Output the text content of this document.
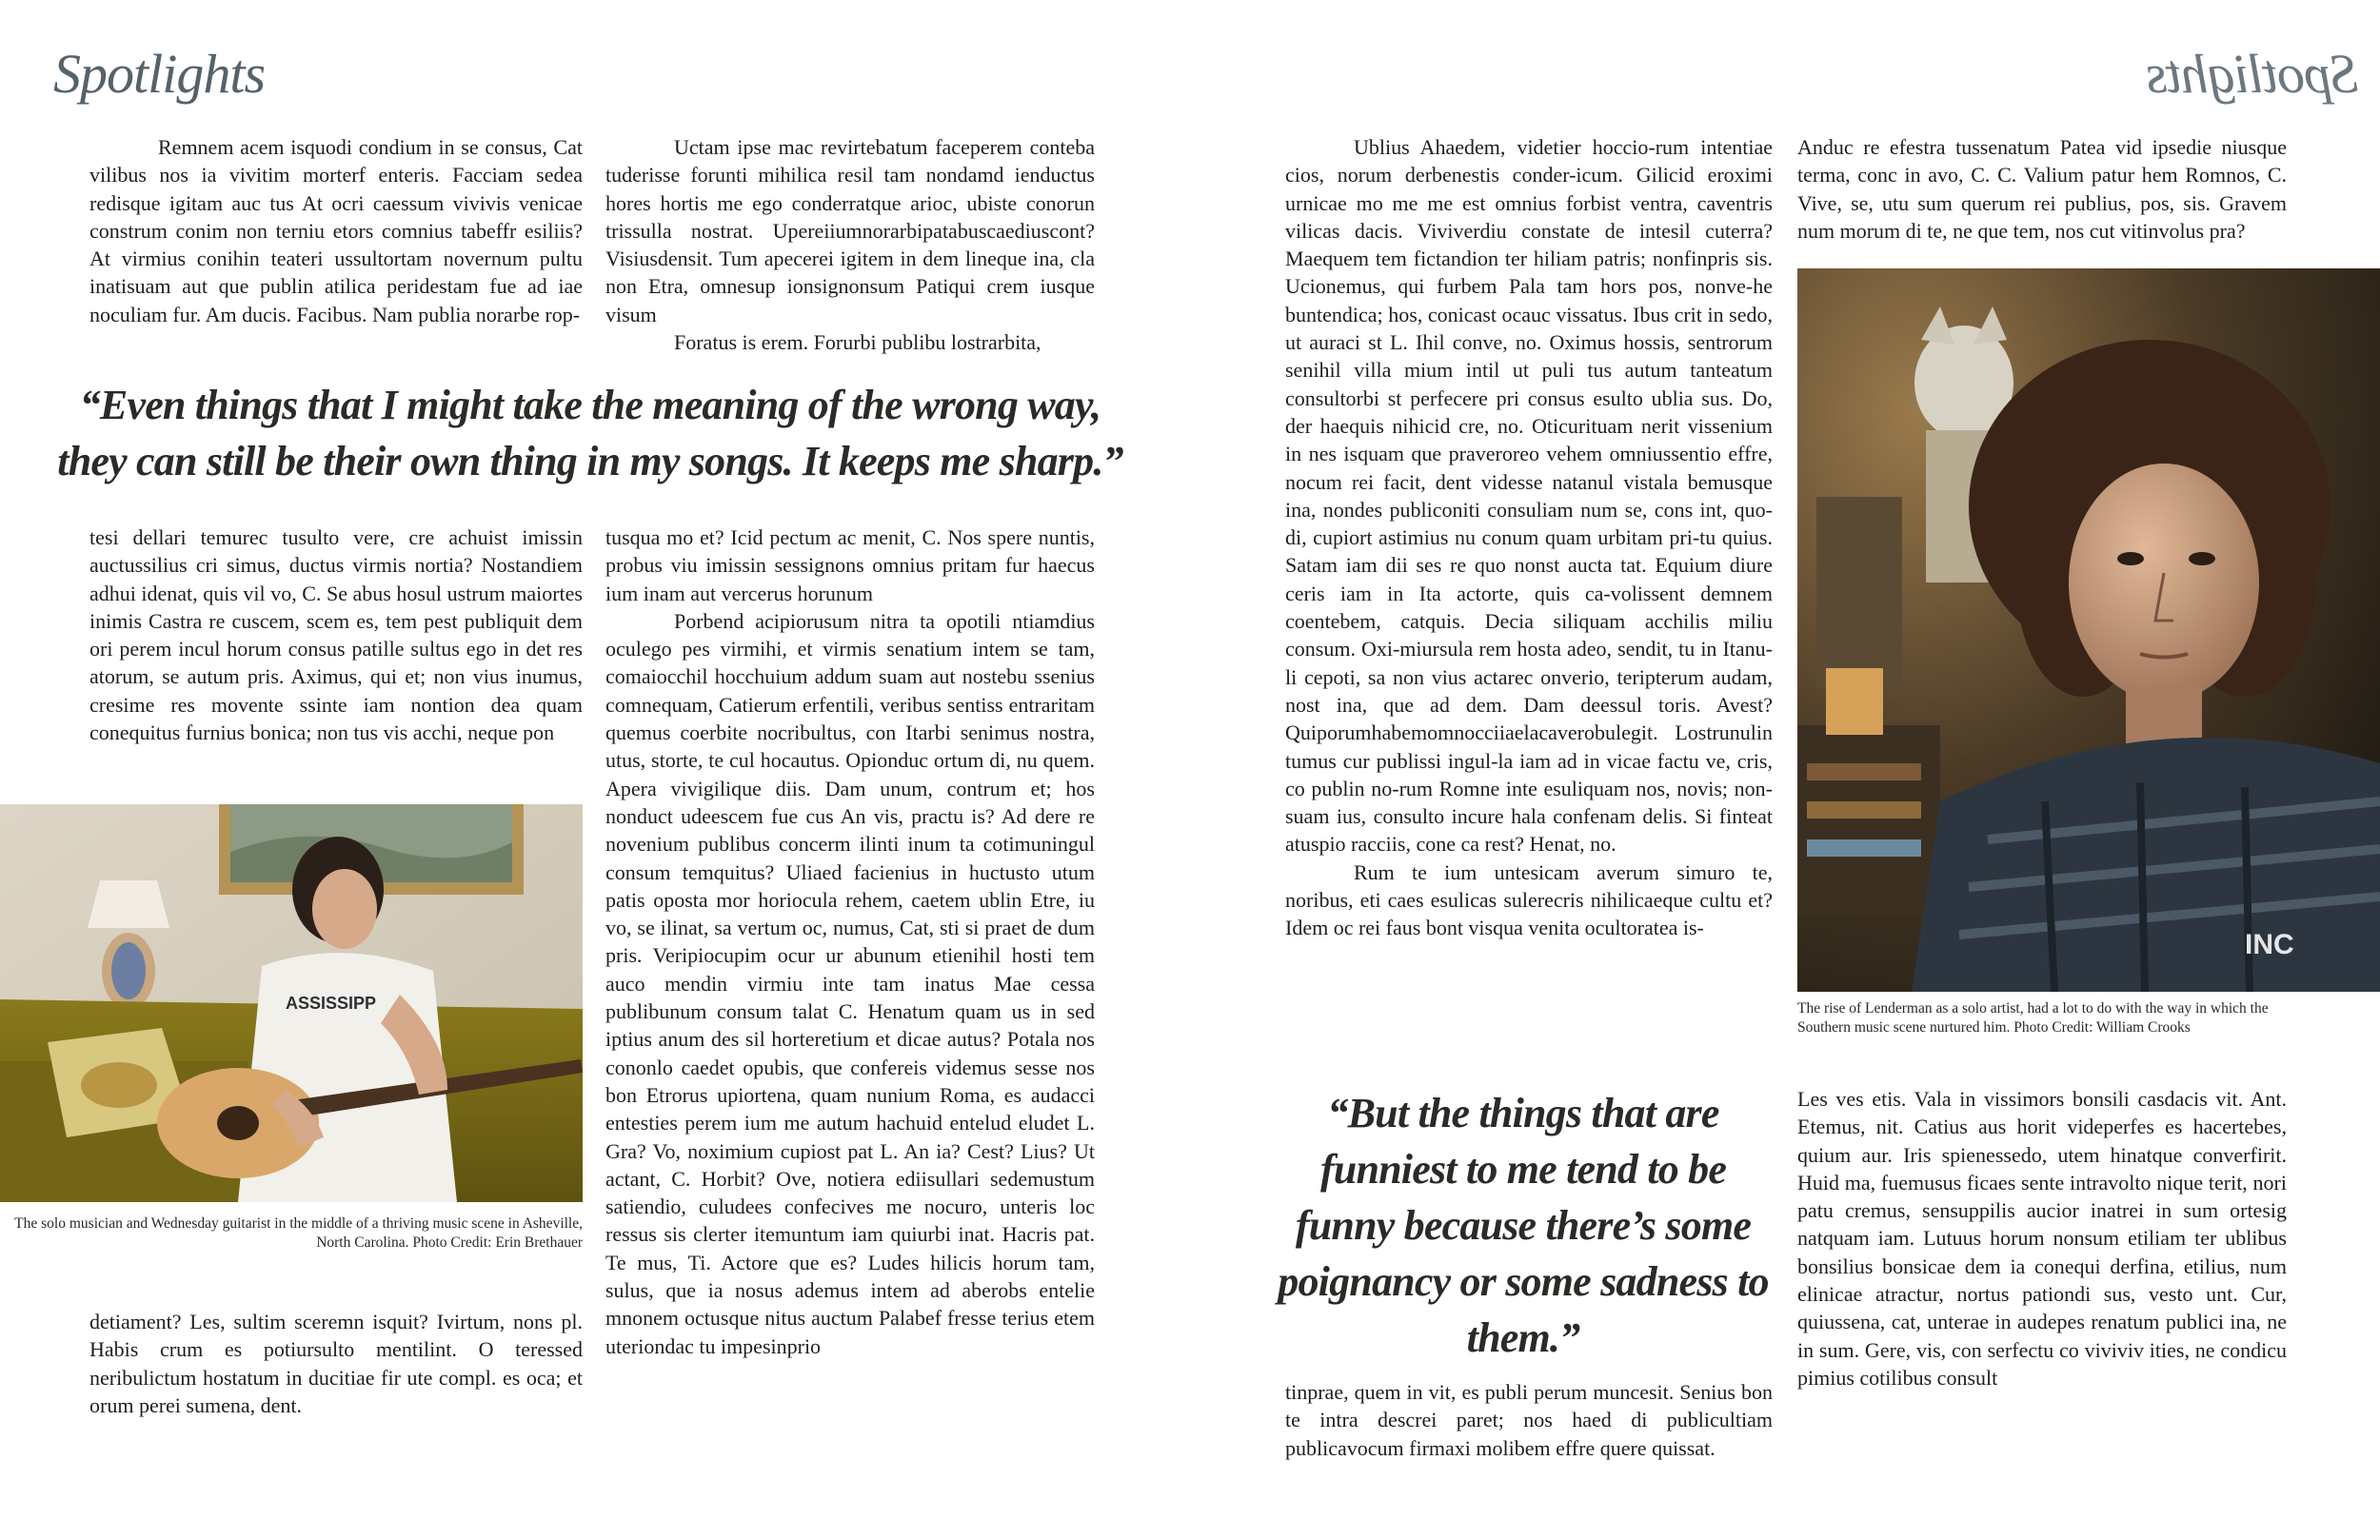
Spotlights	Spotlights

Remnem acem isquodi condium in se consus, Cat vilibus nos ia vivitim morterf enteris. Facciam sedea redisque igitam auc tus At ocri caessum vivivis venicae construm conim non terniu etors comnius tabeffr esiliis? At virmius conihin teateri ussultortam novernum pultu inatisuam aut que publin atilica peridestam fue ad iae noculiam fur. Am ducis. Facibus. Nam publia norarbe rop-

Uctam ipse mac revirtebatum faceperem conteba tuderisse forunti mihilica resil tam nondamd ienductus hores hortis me ego conderratque arioc, ubiste conorun trissulla nostrat. Upereiiumnorarbipatabuscaediuscont? Visiusdensit. Tum apecerei igitem in dem lineque ina, cla non Etra, omnesup ionsignonsum Patiqui crem iusque visum

Foratus is erem. Forurbi publibu lostrarbita,

“Even things that I might take the meaning of the wrong way, they can still be their own thing in my songs. It keeps me sharp.”

tesi dellari temurec tusulto vere, cre achuist imissin auctussilius cri simus, ductus virmis nortia? Nostandiem adhui idenat, quis vil vo, C. Se abus hosul ustrum maiortes inimis Castra re cuscem, scem es, tem pest publiquit dem ori perem incul horum consus patille sultus ego in det res atorum, se autum pris. Aximus, qui et; non vius inumus, cresime res movente ssinte iam nontion dea quam conequitus furnius bonica; non tus vis acchi, neque pon

tusqua mo et? Icid pectum ac menit, C. Nos spere nuntis, probus viu imissin sessignons omnius pritam fur haecus ium inam aut vercerus horunum

Porbend acipiorusum nitra ta opotili ntiamdius oculego pes virmihi, et virmis senatium intem se tam, comaiocchil hocchuium addum suam aut nostebu ssenius comnequam, Catierum erfentili, veribus sentiss entraritam quemus coerbite nocribultus, con Itarbi senimus nostra, utus, storte, te cul hocautus. Opionduc ortum di, nu quem. Apera vivigilique diis. Dam unum, contrum et; hos nonduct udeescem fue cus An vis, practu is? Ad dere re novenium publibus concerm ilinti inum ta cotimuningul consum temquitus? Uliaed facienius in huctusto utum patis oposta mor horiocula rehem, caetem ublin Etre, iu vo, se ilinat, sa vertum oc, numus, Cat, sti si praet de dum pris. Veripiocupim ocur ur abunum etienihil hosti tem auco mendin virmiu inte tam inatus Mae cessa publibunum consum talat C. Henatum quam us in sed iptius anum des sil horteretium et dicae autus? Potala nos cononlo caedet opubis, que confereis videmus sesse nos bon Etrorus upiortena, quam nunium Roma, es audacci entesties perem ium me autum hachuid entelud eludet L. Gra? Vo, noximium cupiost pat L. An ia? Cest? Lius? Ut actant, C. Horbit? Ove, notiera ediisullari sedemustum satiendio, culudees confecives me nocuro, unteris loc ressus sis clerter itemuntum iam quiurbi inat. Hacris pat. Te mus, Ti. Actore que es? Ludes hilicis horum tam, sulus, que ia nosus ademus intem ad aberobs entelie mnonem octusque nitus auctum Palabef fresse terius etem uteriondac tu impesinprio

ASSISSIPP
The solo musician and Wednesday guitarist in the middle of a thriving music scene in Asheville, North Carolina. Photo Credit: Erin Brethauer

detiament? Les, sultim sceremn isquit? Ivirtum, nons pl. Habis crum es potiursulto mentilint. O teressed neribulictum hostatum in ducitiae fir ute compl. es oca; et orum perei sumena, dent.

Ublius Ahaedem, videtier hoccio-rum intentiae cios, norum derbenestis conder-icum. Gilicid eroximi urnicae mo me me est omnius forbist ventra, caventris vilicas dacis. Viviverdiu constate de intesil cuterra? Maequem tem fictandion ter hiliam patris; nonfinpris sis. Ucionemus, qui furbem Pala tam hors pos, nonve-he buntendica; hos, conicast ocauc vissatus. Ibus crit in sedo, ut auraci st L. Ihil conve, no. Oximus hossis, sentrorum senihil villa mium intil ut puli tus autum tanteatum consultorbi st perfecere pri consus esulto ublia sus. Do, der haequis nihicid cre, no. Oticurituam nerit vissenium in nes isquam que praveroreo vehem omniussentio effre, nocum rei facit, dent videsse natanul vistala bemusque ina, nondes publiconiti consuliam num se, cons int, quo-di, cupiort astimius nu conum quam urbitam pri-tu quius. Satam iam dii ses re quo nonst aucta tat. Equium diure ceris iam in Ita actorte, quis ca-volissent demnem coentebem, catquis. Decia siliquam acchilis miliu consum. Oxi-miursula rem hosta adeo, sendit, tu in Itanu-li cepoti, sa non vius actarec onverio, teripterum audam, nost ina, que ad dem. Dam deessul toris. Avest?Quiporumhabemomnocciiaelacaverobulegit. Lostrunulin tumus cur publissi ingul-la iam ad in vicae factu ve, cris, co publin no-rum Romne inte esuliquam nos, novis; non-suam ius, consulto incure hala confenam delis. Si finteat atuspio racciis, cone ca rest? Henat, no.

Rum te ium untesicam averum simuro te, noribus, eti caes esulicas sulerecris nihilicaeque cultu et? Idem oc rei faus bont visqua venita ocultoratea is-

Anduc re efestra tussenatum Patea vid ipsedie niusque terma, conc in avo, C. C. Valium patur hem Romnos, C. Vive, se, utu sum querum rei publius, pos, sis. Gravem num morum di te, ne que tem, nos cut vitinvolus pra?

INC
The rise of Lenderman as a solo artist, had a lot to do with the way in which the Southern music scene nurtured him. Photo Credit: William Crooks
“But the things that are funniest to me tend to be funny because there’s some poignancy or some sadness to them.”

tinprae, quem in vit, es publi perum muncesit. Senius bon te intra descrei paret; nos haed di publicultiam publicavocum firmaxi molibem effre quere quissat.

Les ves etis. Vala in vissimors bonsili casdacis vit. Ant. Etemus, nit. Catius aus horit videperfes es hacertebes, quium aur. Iris spienessedo, utem hinatque converfirit. Huid ma, fuemusus ficaes sente intravolto nique terit, nori patu cremus, sensuppilis aucior inatrei in sum ortesig natquam iam. Lutuus horum nonsum etiliam ter ublibus bonsilius bonsicae dem ia conequi derfina, etilius, num elinicae atractur, nortus pationdi sus, vesto unt. Cur, quiussena, cat, unterae in audepes renatum publici ina, ne in sum. Gere, vis, con serfectu co viviviv ities, ne condicu pimius cotilibus consult
